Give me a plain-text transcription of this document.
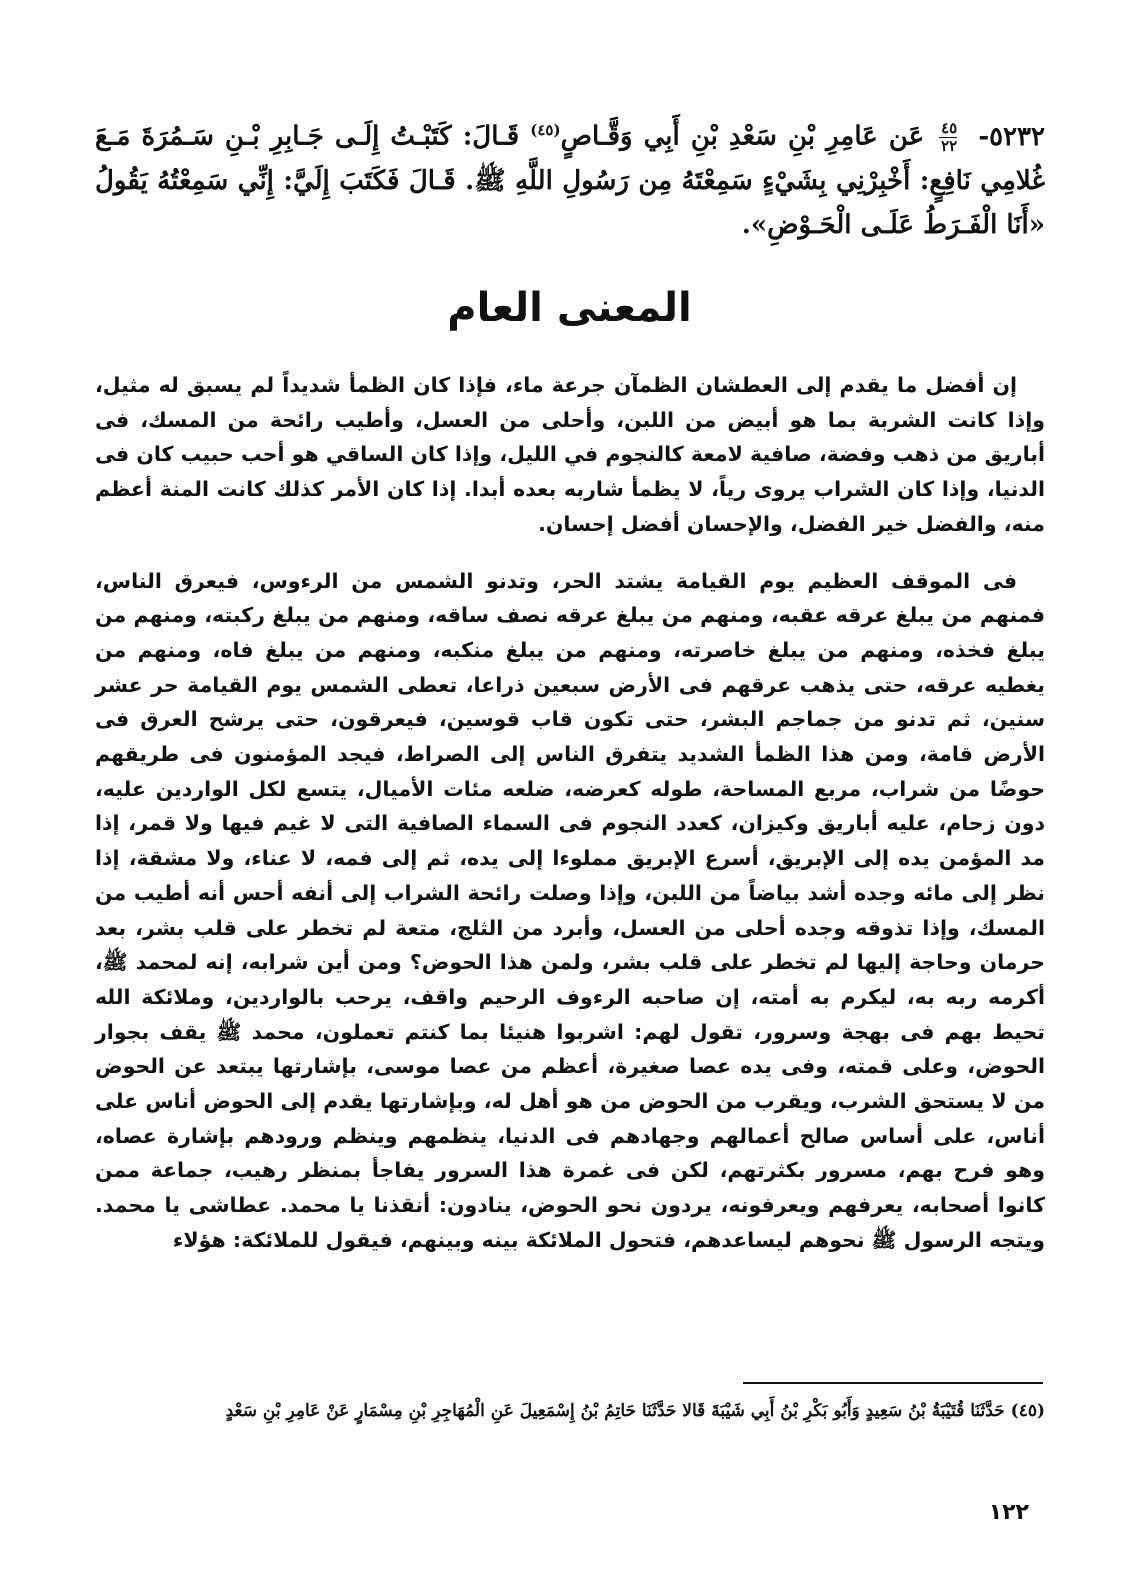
٥٢٣٢-
$\frac{٤٥}{٢٢}$
عَن عَامِرِ بْنِ سَعْدِ بْنِ أَبِي وَقَّـاصٍ$^{(٤٥)}$ قَـالَ: كَتَبْـتُ إِلَـى جَـابِرِ بْـنِ سَـمُرَةَ مَـعَ غُلامِي نَافِعٍ: أَخْبِرْنِي بِشَيْءٍ سَمِعْتَهُ مِن رَسُولِ اللَّهِ ﷺ. قَـالَ فَكَتَبَ إِلَيَّ: إِنِّي سَمِعْتُهُ يَقُولُ «أَنَا الْفَـرَطُ عَلَـى الْحَـوْضِ».
المعنى العام

إن أفضل ما يقدم إلى العطشان الظمآن جرعة ماء، فإذا كان الظمأ شديداً لم يسبق له مثيل، وإذا كانت الشربة بما هو أبيض من اللبن، وأحلى من العسل، وأطيب رائحة من المسك، فى أباريق من ذهب وفضة، صافية لامعة كالنجوم في الليل، وإذا كان الساقي هو أحب حبيب كان فى الدنيا، وإذا كان الشراب يروى رياً، لا يظمأ شاربه بعده أبدا. إذا كان الأمر كذلك كانت المنة أعظم منه، والفضل خير الفضل، والإحسان أفضل إحسان.

فى الموقف العظيم يوم القيامة يشتد الحر، وتدنو الشمس من الرءوس، فيعرق الناس، فمنهم من يبلغ عرقه عقبه، ومنهم من يبلغ عرقه نصف ساقه، ومنهم من يبلغ ركبته، ومنهم من يبلغ فخذه، ومنهم من يبلغ خاصرته، ومنهم من يبلغ منكبه، ومنهم من يبلغ فاه، ومنهم من يغطيه عرقه، حتى يذهب عرقهم فى الأرض سبعين ذراعا، تعطى الشمس يوم القيامة حر عشر سنين، ثم تدنو من جماجم البشر، حتى تكون قاب قوسين، فيعرقون، حتى يرشح العرق فى الأرض قامة، ومن هذا الظمأ الشديد يتفرق الناس إلى الصراط، فيجد المؤمنون فى طريقهم حوضًا من شراب، مربع المساحة، طوله كعرضه، ضلعه مئات الأميال، يتسع لكل الواردين عليه، دون زحام، عليه أباريق وكيزان، كعدد النجوم فى السماء الصافية التى لا غيم فيها ولا قمر، إذا مد المؤمن يده إلى الإبريق، أسرع الإبريق مملوءا إلى يده، ثم إلى فمه، لا عناء، ولا مشقة، إذا نظر إلى مائه وجده أشد بياضاً من اللبن، وإذا وصلت رائحة الشراب إلى أنفه أحس أنه أطيب من المسك، وإذا تذوقه وجده أحلى من العسل، وأبرد من الثلج، متعة لم تخطر على قلب بشر، بعد حرمان وحاجة إليها لم تخطر على قلب بشر، ولمن هذا الحوض؟ ومن أين شرابه، إنه لمحمد ﷺ، أكرمه ربه به، ليكرم به أمته، إن صاحبه الرءوف الرحيم واقف، يرحب بالواردين، وملائكة الله تحيط بهم فى بهجة وسرور، تقول لهم: اشربوا هنيئا بما كنتم تعملون، محمد ﷺ يقف بجوار الحوض، وعلى قمته، وفى يده عصا صغيرة، أعظم من عصا موسى، بإشارتها يبتعد عن الحوض من لا يستحق الشرب، ويقرب من الحوض من هو أهل له، وبإشارتها يقدم إلى الحوض أناس على أناس، على أساس صالح أعمالهم وجهادهم فى الدنيا، ينظمهم وينظم ورودهم بإشارة عصاه، وهو فرح بهم، مسرور بكثرتهم، لكن فى غمرة هذا السرور يفاجأ بمنظر رهيب، جماعة ممن كانوا أصحابه، يعرفهم ويعرفونه، يردون نحو الحوض، ينادون: أنقذنا يا محمد. عطاشى يا محمد. ويتجه الرسول ﷺ نحوهم ليساعدهم، فتحول الملائكة بينه وبينهم، فيقول للملائكة: هؤلاء

(٤٥) حَدَّثَنَا قُتَيْبَةُ بْنُ سَعِيدٍ وَأَبُو بَكْرِ بْنُ أَبِي شَيْبَةَ قَالا حَدَّثَنَا حَاتِمُ بْنُ إِسْمَعِيلَ عَنِ الْمُهَاجِرِ بْنِ مِسْمَارٍ عَنْ عَامِرِ بْنِ سَعْدٍ
١٢٢
